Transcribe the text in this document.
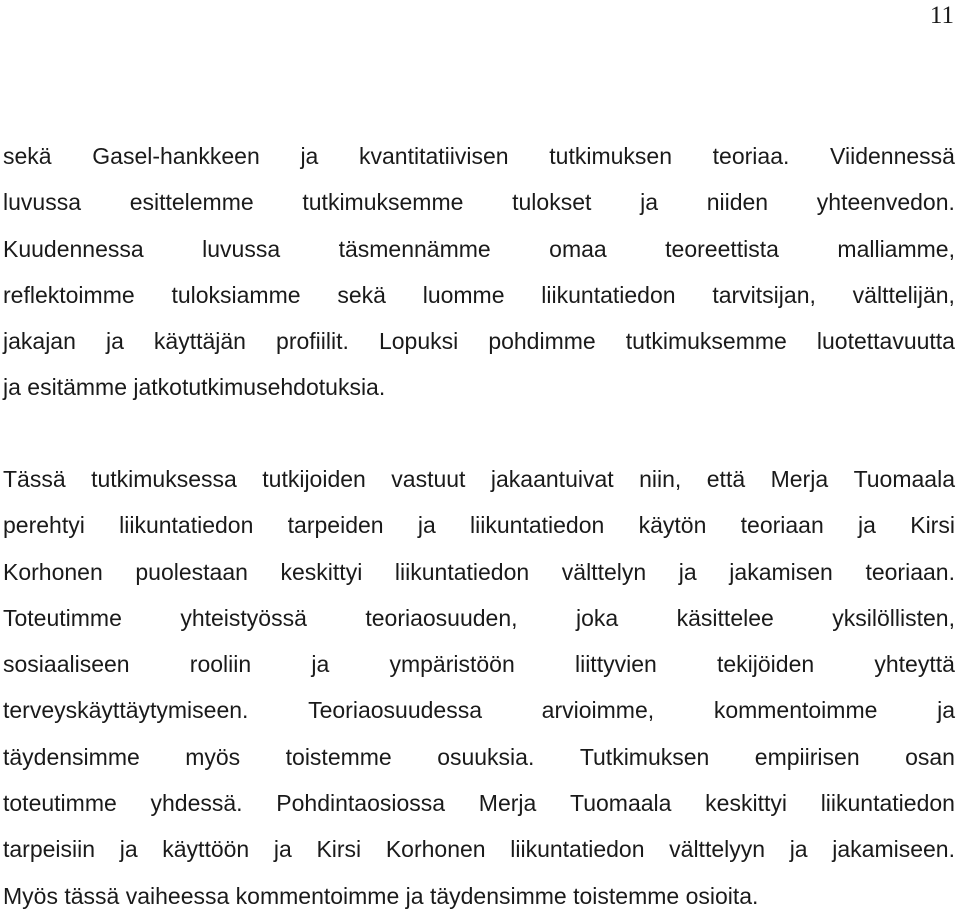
11
sekä Gasel-hankkeen ja kvantitatiivisen tutkimuksen teoriaa. Viidennessä
luvussa esittelemme tutkimuksemme tulokset ja niiden yhteenvedon.
Kuudennessa	luvussa	täsmennämme	omaa	teoreettista	malliamme,
reflektoimme tuloksiamme sekä luomme liikuntatiedon tarvitsijan, välttelijän,
jakajan ja käyttäjän profiilit. Lopuksi pohdimme tutkimuksemme luotettavuutta
ja esitämme jatkotutkimusehdotuksia.
Tässä tutkimuksessa tutkijoiden vastuut jakaantuivat niin, että Merja Tuomaala
perehtyi liikuntatiedon tarpeiden ja liikuntatiedon käytön teoriaan ja Kirsi
Korhonen puolestaan keskittyi liikuntatiedon välttelyn ja jakamisen teoriaan.
Toteutimme	yhteistyössä	teoriaosuuden,	joka	käsittelee	yksilöllisten,
sosiaaliseen	rooliin	ja	ympäristöön	liittyvien	tekijöiden	yhteyttä
terveyskäyttäytymiseen.	Teoriaosuudessa	arvioimme,	kommentoimme	ja
täydensimme myös toistemme osuuksia. Tutkimuksen empiirisen osan
toteutimme yhdessä. Pohdintaosiossa Merja Tuomaala keskittyi liikuntatiedon
tarpeisiin ja käyttöön ja Kirsi Korhonen liikuntatiedon välttelyyn ja jakamiseen.
Myös tässä vaiheessa kommentoimme ja täydensimme toistemme osioita.
